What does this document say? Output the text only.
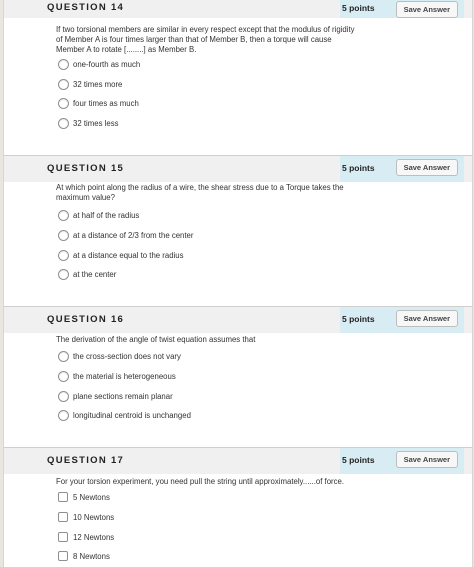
QUESTION 14	5 points	Save Answer
If two torsional members are similar in every respect except that the modulus of rigidity of Member A is four times larger than that of Member B, then a torque will cause Member A to rotate [........] as Member B.
one-fourth as much
32 times more
four times as much
32 times less
QUESTION 15	5 points	Save Answer
At which point along the radius of a wire, the shear stress due to a Torque takes the maximum value?
at half of the radius
at a distance of 2/3 from the center
at a distance equal to the radius
at the center
QUESTION 16	5 points	Save Answer
The derivation of the angle of twist equation assumes that
the cross-section does not vary
the material is heterogeneous
plane sections remain planar
longitudinal centroid is unchanged
QUESTION 17	5 points	Save Answer
For your torsion experiment, you need pull the string until approximately......of force.
5 Newtons
10 Newtons
12 Newtons
8 Newtons
